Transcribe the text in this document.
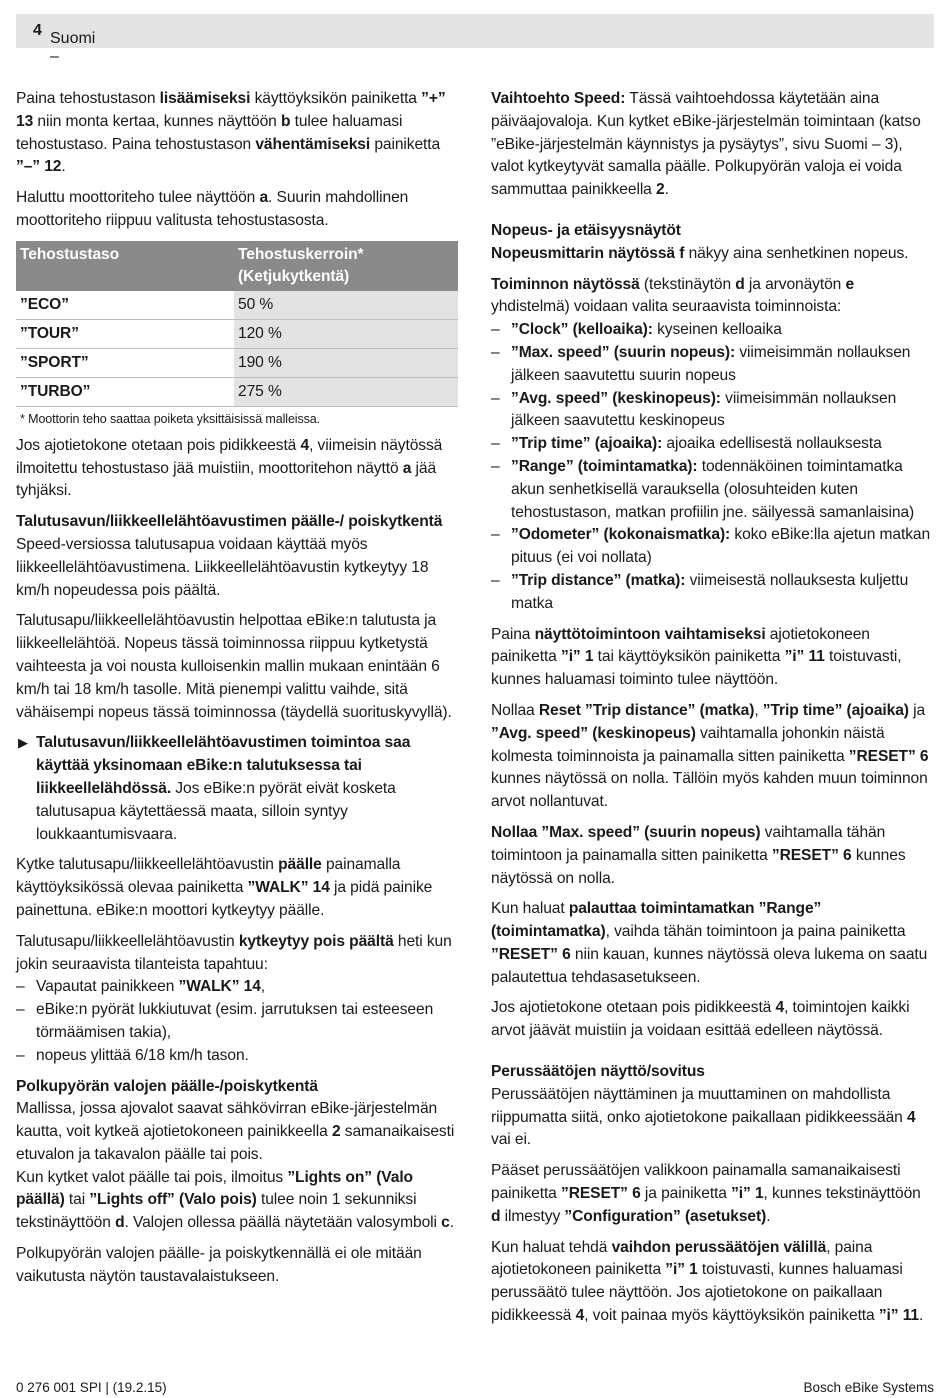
Suomi –
4

Paina tehostustason lisäämiseksi käyttöyksikön painiketta ”+” 13 niin monta kertaa, kunnes näyttöön b tulee haluamasi tehostustaso. Paina tehostustason vähentämiseksi painiketta ”–” 12.

Haluttu moottoriteho tulee näyttöön a. Suurin mahdollinen moottoriteho riippuu valitusta tehostustasosta.

Tehostustaso	Tehostuskerroin*
(Ketjukytkentä)
”ECO”	50 %
”TOUR”	120 %
”SPORT”	190 %
”TURBO”	275 %
* Moottorin teho saattaa poiketa yksittäisissä malleissa.

Jos ajotietokone otetaan pois pidikkeestä 4, viimeisin näytössä ilmoitettu tehostustaso jää muistiin, moottoritehon näyttö a jää tyhjäksi.

Talutusavun/liikkeellelähtöavustimen päälle-/ poiskytkentä

Speed-versiossa talutusapua voidaan käyttää myös liikkeellelähtöavustimena. Liikkeellelähtöavustin kytkeytyy 18 km/h nopeudessa pois päältä.

Talutusapu/liikkeellelähtöavustin helpottaa eBike:n talutusta ja liikkeellelähtöä. Nopeus tässä toiminnossa riippuu kytketystä vaihteesta ja voi nousta kulloisenkin mallin mukaan enintään 6 km/h tai 18 km/h tasolle. Mitä pienempi valittu vaihde, sitä vähäisempi nopeus tässä toiminnossa (täydellä suorituskyvyllä).

▶ Talutusavun/liikkeellelähtöavustimen toimintoa saa käyttää yksinomaan eBike:n talutuksessa tai liikkeellelähdössä. Jos eBike:n pyörät eivät kosketa talutusapua käytettäessä maata, silloin syntyy loukkaantumisvaara.

Kytke talutusapu/liikkeellelähtöavustin päälle painamalla käyttöyksikössä olevaa painiketta ”WALK” 14 ja pidä painike painettuna. eBike:n moottori kytkeytyy päälle.

Talutusapu/liikkeellelähtöavustin kytkeytyy pois päältä heti kun jokin seuraavista tilanteista tapahtuu:

– Vapautat painikkeen ”WALK” 14,
– eBike:n pyörät lukkiutuvat (esim. jarrutuksen tai esteeseen törmäämisen takia),
– nopeus ylittää 6/18 km/h tason.
Polkupyörän valojen päälle-/poiskytkentä

Mallissa, jossa ajovalot saavat sähkövirran eBike-järjestelmän kautta, voit kytkeä ajotietokoneen painikkeella 2 samanaikaisesti etuvalon ja takavalon päälle tai pois.

Kun kytket valot päälle tai pois, ilmoitus ”Lights on” (Valo päällä) tai ”Lights off” (Valo pois) tulee noin 1 sekunniksi tekstinäyttöön d. Valojen ollessa päällä näytetään valosymboli c.

Polkupyörän valojen päälle- ja poiskytkennällä ei ole mitään vaikutusta näytön taustavalaistukseen.

Vaihtoehto Speed: Tässä vaihtoehdossa käytetään aina päiväajovaloja. Kun kytket eBike-järjestelmän toimintaan (katso ”eBike-järjestelmän käynnistys ja pysäytys”, sivu Suomi – 3), valot kytkeytyvät samalla päälle. Polkupyörän valoja ei voida sammuttaa painikkeella 2.

Nopeus- ja etäisyysnäytöt

Nopeusmittarin näytössä f näkyy aina senhetkinen nopeus.

Toiminnon näytössä (tekstinäytön d ja arvonäytön e yhdistelmä) voidaan valita seuraavista toiminnoista:

– ”Clock” (kelloaika): kyseinen kelloaika
– ”Max. speed” (suurin nopeus): viimeisimmän nollauksen jälkeen saavutettu suurin nopeus
– ”Avg. speed” (keskinopeus): viimeisimmän nollauksen jälkeen saavutettu keskinopeus
– ”Trip time” (ajoaika): ajoaika edellisestä nollauksesta
– ”Range” (toimintamatka): todennäköinen toimintamatka akun senhetkisellä varauksella (olosuhteiden kuten tehostustason, matkan profiilin jne. säilyessä samanlaisina)
– ”Odometer” (kokonaismatka): koko eBike:lla ajetun matkan pituus (ei voi nollata)
– ”Trip distance” (matka): viimeisestä nollauksesta kuljettu matka

Paina näyttötoimintoon vaihtamiseksi ajotietokoneen painiketta ”i” 1 tai käyttöyksikön painiketta ”i” 11 toistuvasti, kunnes haluamasi toiminto tulee näyttöön.

Nollaa Reset ”Trip distance” (matka), ”Trip time” (ajoaika) ja ”Avg. speed” (keskinopeus) vaihtamalla johonkin näistä kolmesta toiminnoista ja painamalla sitten painiketta ”RESET” 6 kunnes näytössä on nolla. Tällöin myös kahden muun toiminnon arvot nollantuvat.

Nollaa ”Max. speed” (suurin nopeus) vaihtamalla tähän toimintoon ja painamalla sitten painiketta ”RESET” 6 kunnes näytössä on nolla.

Kun haluat palauttaa toimintamatkan ”Range” (toimintamatka), vaihda tähän toimintoon ja paina painiketta ”RESET” 6 niin kauan, kunnes näytössä oleva lukema on saatu palautettua tehdasasetukseen.

Jos ajotietokone otetaan pois pidikkeestä 4, toimintojen kaikki arvot jäävät muistiin ja voidaan esittää edelleen näytössä.

Perussäätöjen näyttö/sovitus

Perussäätöjen näyttäminen ja muuttaminen on mahdollista riippumatta siitä, onko ajotietokone paikallaan pidikkeessään 4 vai ei.

Pääset perussäätöjen valikkoon painamalla samanaikaisesti painiketta ”RESET” 6 ja painiketta ”i” 1, kunnes tekstinäyttöön d ilmestyy ”Configuration” (asetukset).

Kun haluat tehdä vaihdon perussäätöjen välillä, paina ajotietokoneen painiketta ”i” 1 toistuvasti, kunnes haluamasi perussäätö tulee näyttöön. Jos ajotietokone on paikallaan pidikkeessä 4, voit painaa myös käyttöyksikön painiketta ”i” 11.

0 276 001 SPI | (19.2.15)	Bosch eBike Systems
